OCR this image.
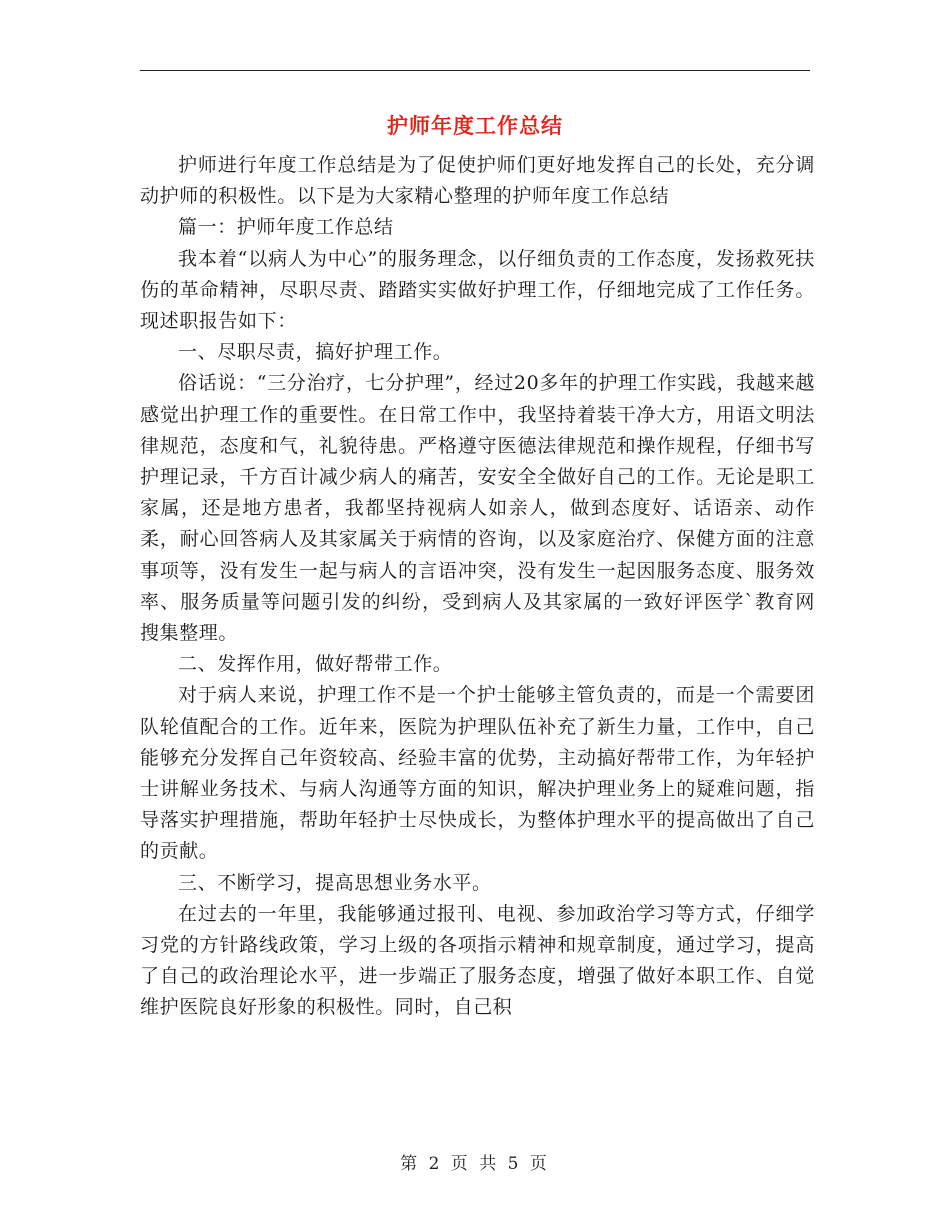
护师年度工作总结

护师进行年度工作总结是为了促使护师们更好地发挥自己的长处，充分调动护师的积极性。以下是为大家精心整理的护师年度工作总结

篇一：护师年度工作总结

我本着“以病人为中心”的服务理念，以仔细负责的工作态度，发扬救死扶伤的革命精神，尽职尽责、踏踏实实做好护理工作，仔细地完成了工作任务。现述职报告如下：

一、尽职尽责，搞好护理工作。

俗话说：“三分治疗，七分护理”，经过20多年的护理工作实践，我越来越感觉出护理工作的重要性。在日常工作中，我坚持着装干净大方，用语文明法律规范，态度和气，礼貌待患。严格遵守医德法律规范和操作规程，仔细书写护理记录，千方百计减少病人的痛苦，安安全全做好自己的工作。无论是职工家属，还是地方患者，我都坚持视病人如亲人，做到态度好、话语亲、动作柔，耐心回答病人及其家属关于病情的咨询，以及家庭治疗、保健方面的注意事项等，没有发生一起与病人的言语冲突，没有发生一起因服务态度、服务效率、服务质量等问题引发的纠纷，受到病人及其家属的一致好评医学`教育网搜集整理。

二、发挥作用，做好帮带工作。

对于病人来说，护理工作不是一个护士能够主管负责的，而是一个需要团队轮值配合的工作。近年来，医院为护理队伍补充了新生力量，工作中，自己能够充分发挥自己年资较高、经验丰富的优势，主动搞好帮带工作，为年轻护士讲解业务技术、与病人沟通等方面的知识，解决护理业务上的疑难问题，指导落实护理措施，帮助年轻护士尽快成长，为整体护理水平的提高做出了自己的贡献。

三、不断学习，提高思想业务水平。

在过去的一年里，我能够通过报刊、电视、参加政治学习等方式，仔细学习党的方针路线政策，学习上级的各项指示精神和规章制度，通过学习，提高了自己的政治理论水平，进一步端正了服务态度，增强了做好本职工作、自觉维护医院良好形象的积极性。同时，自己积

第 2 页 共 5 页
